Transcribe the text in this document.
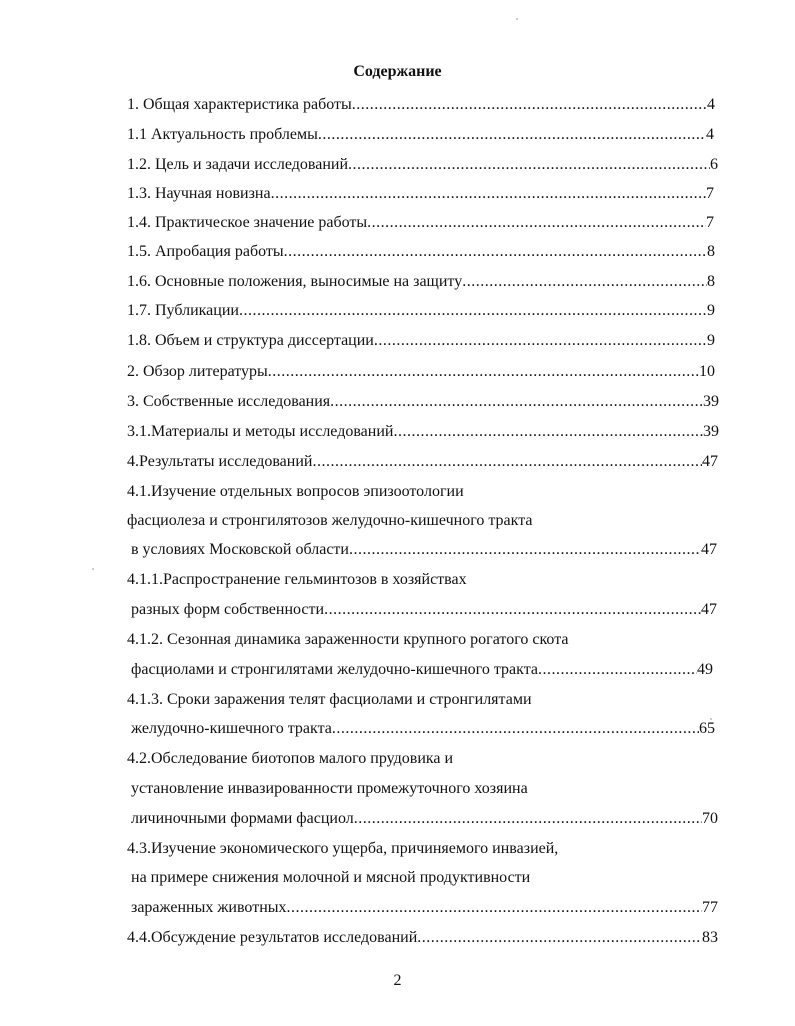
Содержание
1. Общая характеристика работы .....	4
1.1 Актуальность проблемы .....	4
1.2. Цель и задачи исследований .....	6
1.3. Научная новизна .....	7
1.4. Практическое значение работы .....	7
1.5. Апробация работы .....	8
1.6. Основные положения, выносимые на защиту .....	8
1.7. Публикации .....	9
1.8. Объем и структура диссертации .....	9
2. Обзор литературы .....	10
3. Собственные исследования .....	39
3.1.Материалы и методы исследований .....	39
4.Результаты исследований .....	47
4.1.Изучение отдельных вопросов эпизоотологии
фасциолеза и стронгилятозов желудочно-кишечного тракта
в условиях Московской области .....	47
4.1.1.Распространение гельминтозов в хозяйствах
разных форм собственности .....	47
4.1.2. Сезонная динамика зараженности крупного рогатого скота
фасциолами и стронгилятами желудочно-кишечного тракта .....	49
4.1.3. Сроки заражения телят фасциолами и стронгилятами
желудочно-кишечного тракта .....	65
4.2.Обследование биотопов малого прудовика и
установление инвазированности промежуточного хозяина
личиночными формами фасциол .....	70
4.3.Изучение экономического ущерба, причиняемого инвазией,
на примере снижения молочной и мясной продуктивности
зараженных животных .....	77
4.4.Обсуждение результатов исследований .....	83
2
